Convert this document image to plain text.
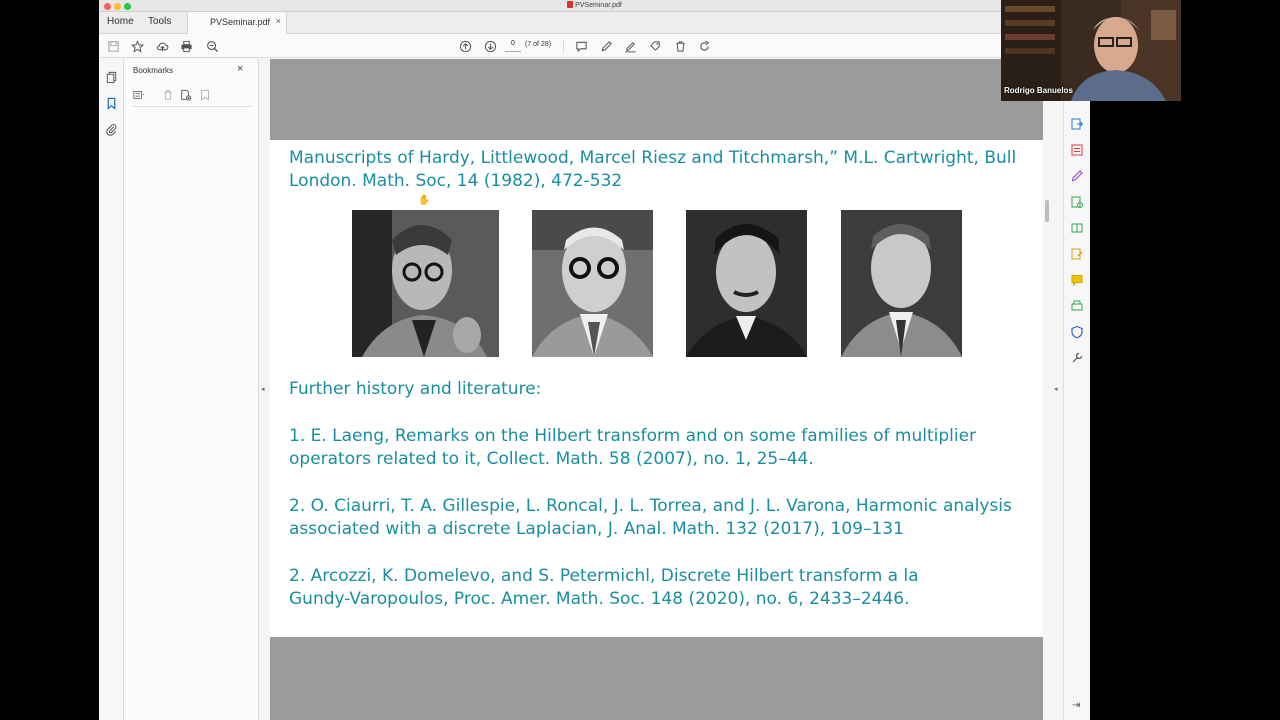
PVSeminar.pdf
Home Tools	PVSeminar.pdf ×
0	(7 of 28)
Bookmarks	×
◂
Manuscripts of Hardy, Littlewood, Marcel Riesz and Titchmarsh,” M.L. Cartwright, Bull
London. Math. Soc, 14 (1982), 472-532
✋
Further history and literature:
1. E. Laeng, Remarks on the Hilbert transform and on some families of multiplier
operators related to it, Collect. Math. 58 (2007), no. 1, 25–44.
2. O. Ciaurri, T. A. Gillespie, L. Roncal, J. L. Torrea, and J. L. Varona, Harmonic analysis
associated with a discrete Laplacian, J. Anal. Math. 132 (2017), 109–131
2. Arcozzi, K. Domelevo, and S. Petermichl, Discrete Hilbert transform a la
Gundy-Varopoulos, Proc. Amer. Math. Soc. 148 (2020), no. 6, 2433–2446.
◂
⇥
Rodrigo Banuelos
